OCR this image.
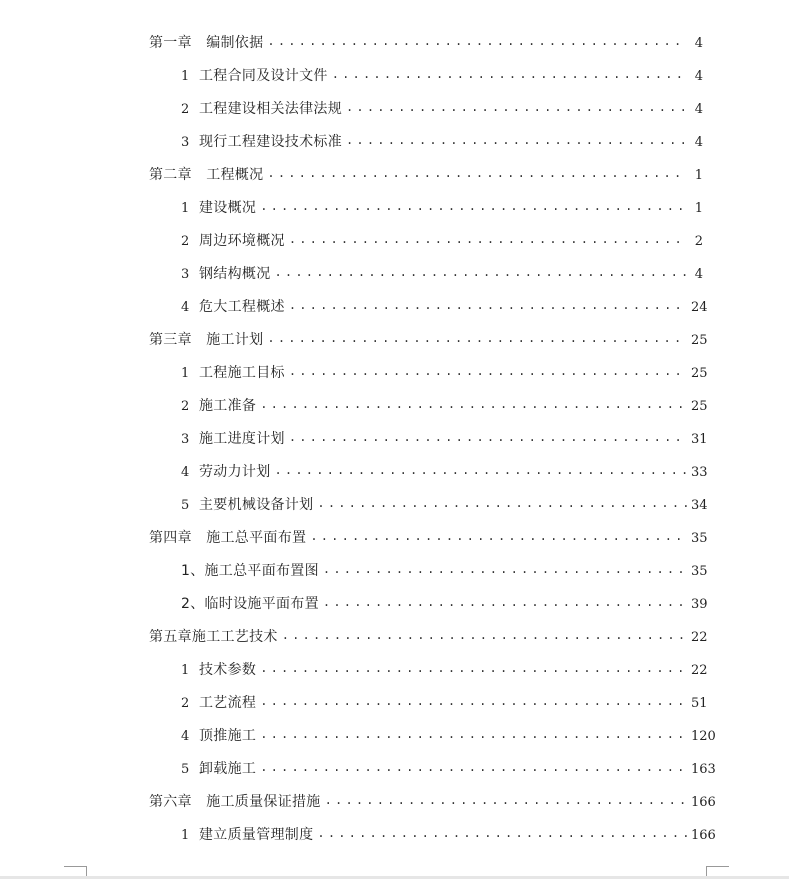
第一章　编制依据 .....	4
1 工程合同及设计文件 .....	4
2 工程建设相关法律法规 .....	4
3 现行工程建设技术标准 .....	4
第二章　工程概况 .....	1
1 建设概况 .....	1
2 周边环境概况 .....	2
3 钢结构概况 .....	4
4 危大工程概述 .....	24
第三章　施工计划 .....	25
1 工程施工目标 .....	25
2 施工准备 .....	25
3 施工进度计划 .....	31
4 劳动力计划 .....	33
5 主要机械设备计划 .....	34
第四章　施工总平面布置 .....	35
1、施工总平面布置图 .....	35
2、临时设施平面布置 .....	39
第五章施工工艺技术 .....	22
1 技术参数 .....	22
2 工艺流程 .....	51
4 顶推施工 .....	120
5 卸载施工 .....	163
第六章　施工质量保证措施 .....	166
1 建立质量管理制度 .....	166
